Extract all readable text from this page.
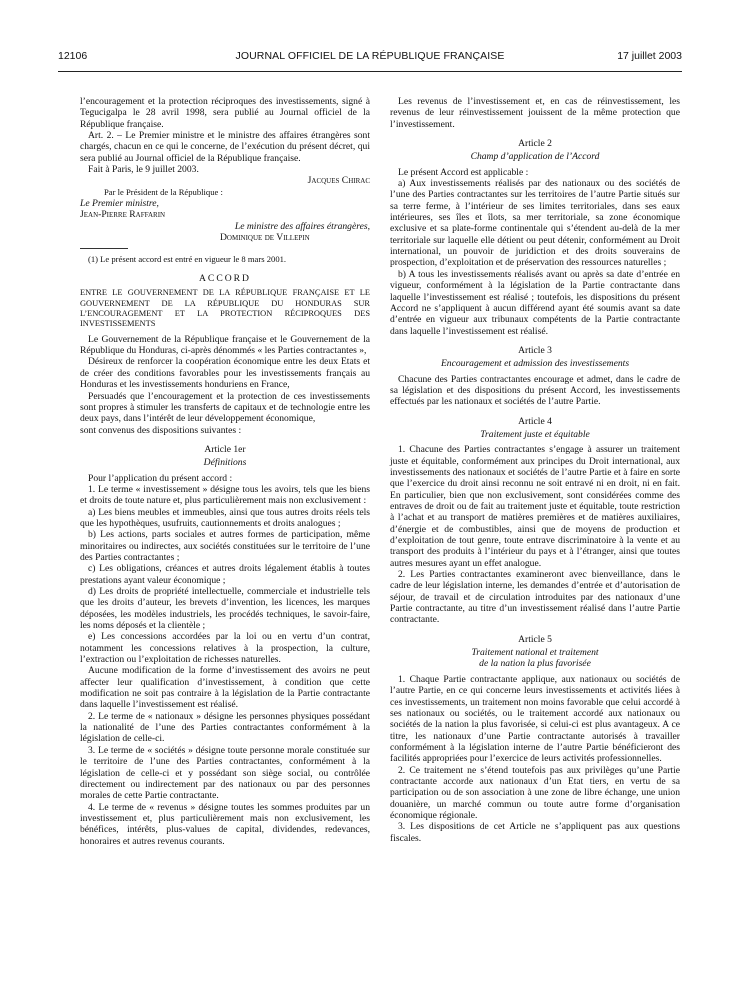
12106	JOURNAL OFFICIEL DE LA RÉPUBLIQUE FRANÇAISE	17 juillet 2003

l’encouragement et la protection réciproques des investissements, signé à Tegucigalpa le 28 avril 1998, sera publié au Journal officiel de la République française.

Art. 2. – Le Premier ministre et le ministre des affaires étrangères sont chargés, chacun en ce qui le concerne, de l’exécution du présent décret, qui sera publié au Journal officiel de la République française.

Fait à Paris, le 9 juillet 2003.

Jacques Chirac
Par le Président de la République :
Le Premier ministre,
Jean-Pierre Raffarin
Le ministre des affaires étrangères,
Dominique de Villepin

(1) Le présent accord est entré en vigueur le 8 mars 2001.

ACCORD

ENTRE LE GOUVERNEMENT DE LA RÉPUBLIQUE FRANÇAISE ET LE GOUVERNEMENT DE LA RÉPUBLIQUE DU HONDURAS SUR L’ENCOURAGEMENT ET LA PROTECTION RÉCIPROQUES DES INVESTISSEMENTS

Le Gouvernement de la République française et le Gouvernement de la République du Honduras, ci-après dénommés « les Parties contractantes »,

Désireux de renforcer la coopération économique entre les deux Etats et de créer des conditions favorables pour les investissements français au Honduras et les investissements honduriens en France,

Persuadés que l’encouragement et la protection de ces investissements sont propres à stimuler les transferts de capitaux et de technologie entre les deux pays, dans l’intérêt de leur développement économique,

sont convenus des dispositions suivantes :

Article 1er
Définitions

Pour l’application du présent accord :

1. Le terme « investissement » désigne tous les avoirs, tels que les biens et droits de toute nature et, plus particulièrement mais non exclusivement :

a) Les biens meubles et immeubles, ainsi que tous autres droits réels tels que les hypothèques, usufruits, cautionnements et droits analogues ;

b) Les actions, parts sociales et autres formes de participation, même minoritaires ou indirectes, aux sociétés constituées sur le territoire de l’une des Parties contractantes ;

c) Les obligations, créances et autres droits légalement établis à toutes prestations ayant valeur économique ;

d) Les droits de propriété intellectuelle, commerciale et industrielle tels que les droits d’auteur, les brevets d’invention, les licences, les marques déposées, les modèles industriels, les procédés techniques, le savoir-faire, les noms déposés et la clientèle ;

e) Les concessions accordées par la loi ou en vertu d’un contrat, notamment les concessions relatives à la prospection, la culture, l’extraction ou l’exploitation de richesses naturelles.

Aucune modification de la forme d’investissement des avoirs ne peut affecter leur qualification d’investissement, à condition que cette modification ne soit pas contraire à la législation de la Partie contractante dans laquelle l’investissement est réalisé.

2. Le terme de « nationaux » désigne les personnes physiques possédant la nationalité de l’une des Parties contractantes conformément à la législation de celle-ci.

3. Le terme de « sociétés » désigne toute personne morale constituée sur le territoire de l’une des Parties contractantes, conformément à la législation de celle-ci et y possédant son siège social, ou contrôlée directement ou indirectement par des nationaux ou par des personnes morales de cette Partie contractante.

4. Le terme de « revenus » désigne toutes les sommes produites par un investissement et, plus particulièrement mais non exclusivement, les bénéfices, intérêts, plus-values de capital, dividendes, redevances, honoraires et autres revenus courants.

Les revenus de l’investissement et, en cas de réinvestissement, les revenus de leur réinvestissement jouissent de la même protection que l’investissement.

Article 2
Champ d’application de l’Accord

Le présent Accord est applicable :

a) Aux investissements réalisés par des nationaux ou des sociétés de l’une des Parties contractantes sur les territoires de l’autre Partie situés sur sa terre ferme, à l’intérieur de ses limites territoriales, dans ses eaux intérieures, ses îles et îlots, sa mer territoriale, sa zone économique exclusive et sa plate-forme continentale qui s’étendent au-delà de la mer territoriale sur laquelle elle détient ou peut détenir, conformément au Droit international, un pouvoir de juridiction et des droits souverains de prospection, d’exploitation et de préservation des ressources naturelles ;

b) A tous les investissements réalisés avant ou après sa date d’entrée en vigueur, conformément à la législation de la Partie contractante dans laquelle l’investissement est réalisé ; toutefois, les dispositions du présent Accord ne s’appliquent à aucun différend ayant été soumis avant sa date d’entrée en vigueur aux tribunaux compétents de la Partie contractante dans laquelle l’investissement est réalisé.

Article 3
Encouragement et admission des investissements

Chacune des Parties contractantes encourage et admet, dans le cadre de sa législation et des dispositions du présent Accord, les investissements effectués par les nationaux et sociétés de l’autre Partie.

Article 4
Traitement juste et équitable

1. Chacune des Parties contractantes s’engage à assurer un traitement juste et équitable, conformément aux principes du Droit international, aux investissements des nationaux et sociétés de l’autre Partie et à faire en sorte que l’exercice du droit ainsi reconnu ne soit entravé ni en droit, ni en fait. En particulier, bien que non exclusivement, sont considérées comme des entraves de droit ou de fait au traitement juste et équitable, toute restriction à l’achat et au transport de matières premières et de matières auxiliaires, d’énergie et de combustibles, ainsi que de moyens de production et d’exploitation de tout genre, toute entrave discriminatoire à la vente et au transport des produits à l’intérieur du pays et à l’étranger, ainsi que toutes autres mesures ayant un effet analogue.

2. Les Parties contractantes examineront avec bienveillance, dans le cadre de leur législation interne, les demandes d’entrée et d’autorisation de séjour, de travail et de circulation introduites par des nationaux d’une Partie contractante, au titre d’un investissement réalisé dans l’autre Partie contractante.

Article 5
Traitement national et traitement
de la nation la plus favorisée

1. Chaque Partie contractante applique, aux nationaux ou sociétés de l’autre Partie, en ce qui concerne leurs investissements et activités liées à ces investissements, un traitement non moins favorable que celui accordé à ses nationaux ou sociétés, ou le traitement accordé aux nationaux ou sociétés de la nation la plus favorisée, si celui-ci est plus avantageux. A ce titre, les nationaux d’une Partie contractante autorisés à travailler conformément à la législation interne de l’autre Partie bénéficieront des facilités appropriées pour l’exercice de leurs activités professionnelles.

2. Ce traitement ne s’étend toutefois pas aux privilèges qu’une Partie contractante accorde aux nationaux d’un Etat tiers, en vertu de sa participation ou de son association à une zone de libre échange, une union douanière, un marché commun ou toute autre forme d’organisation économique régionale.

3. Les dispositions de cet Article ne s’appliquent pas aux questions fiscales.
